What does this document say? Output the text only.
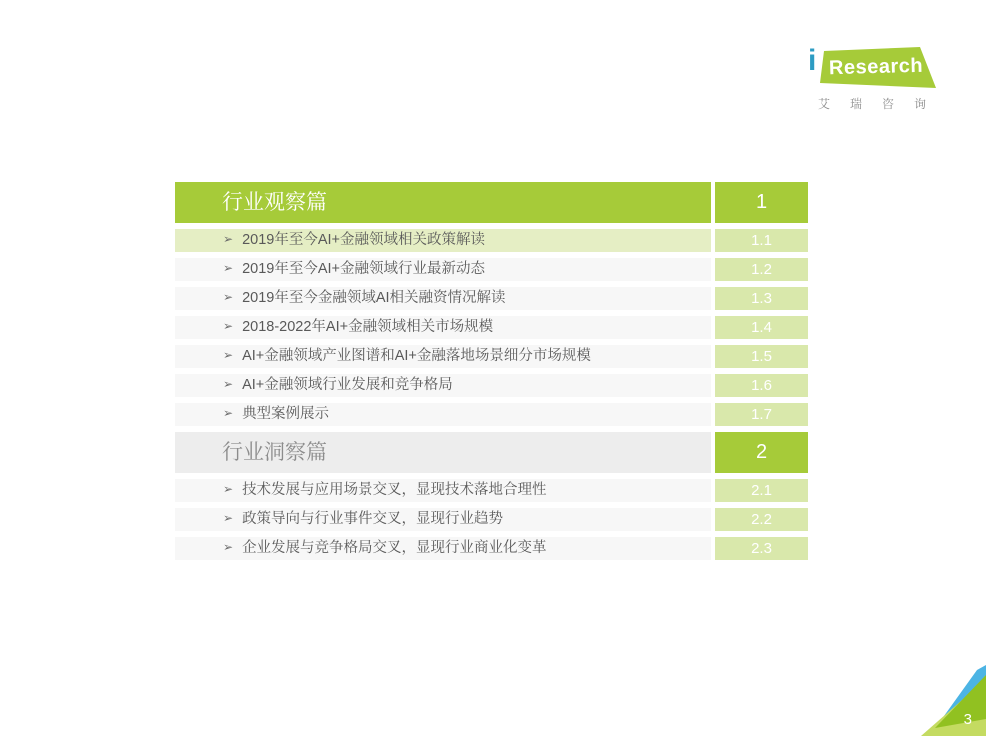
i Research
艾瑞咨询
行业观察篇	1
➢ 2019年至今AI+金融领域相关政策解读	1.1
➢ 2019年至今AI+金融领域行业最新动态	1.2
➢ 2019年至今金融领域AI相关融资情况解读	1.3
➢ 2018-2022年AI+金融领域相关市场规模	1.4
➢ AI+金融领域产业图谱和AI+金融落地场景细分市场规模	1.5
➢ AI+金融领域行业发展和竞争格局	1.6
➢ 典型案例展示	1.7
行业洞察篇	2
➢ 技术发展与应用场景交叉，显现技术落地合理性	2.1
➢ 政策导向与行业事件交叉，显现行业趋势	2.2
➢ 企业发展与竞争格局交叉，显现行业商业化变革	2.3
3
